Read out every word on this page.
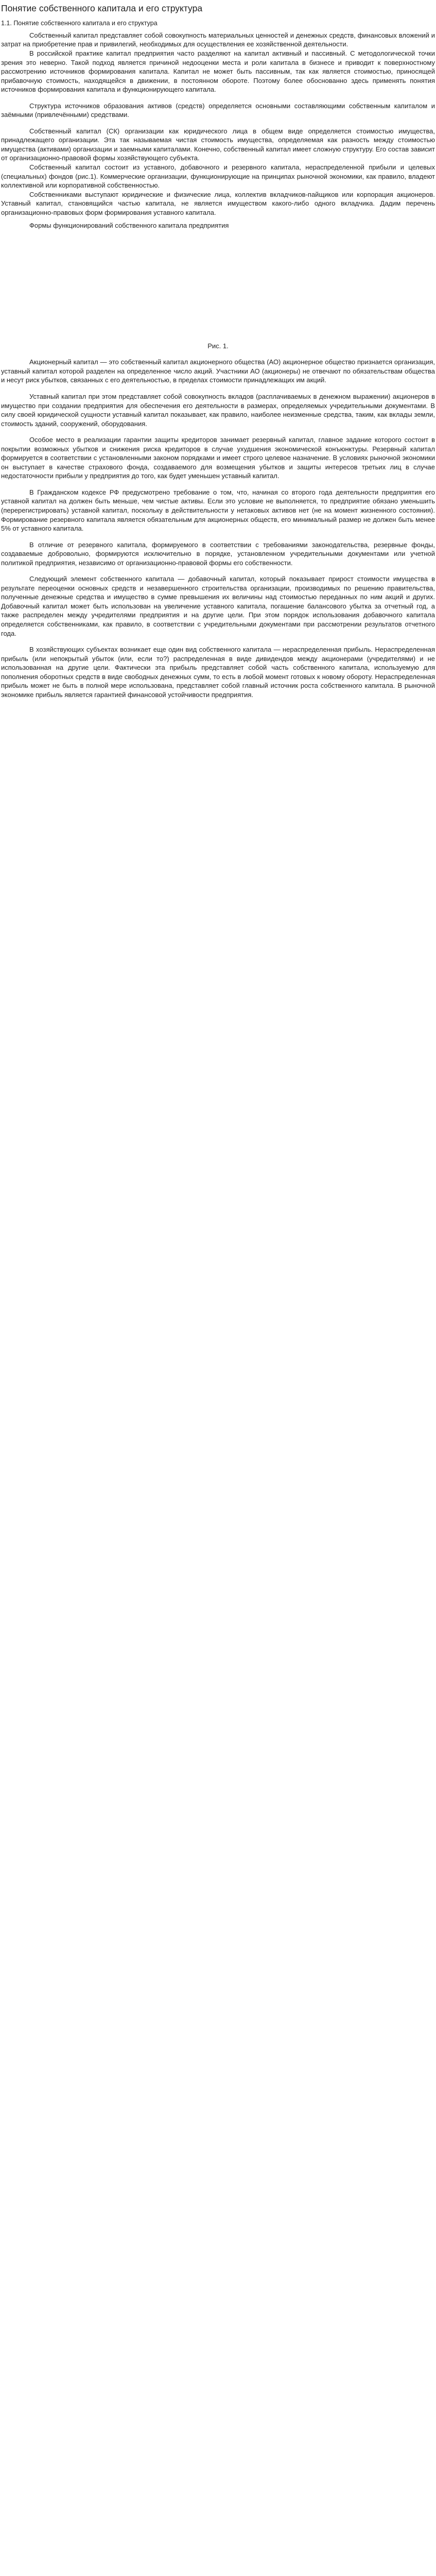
Понятие собственного капитала и его структура
1.1. Понятие собственного капитала и его структура

Собственный капитал представляет собой совокупность материальных ценностей и денежных средств, финансовых вложений и затрат на приобретение прав и привилегий, необходимых для осуществления ее хозяйственной деятельности.

В российской практике капитал предприятия часто разделяют на капитал активный и пассивный. С методологической точки зрения это неверно. Такой подход является причиной недооценки места и роли капитала в бизнесе и приводит к поверхностному рассмотрению источников формирования капитала. Капитал не может быть пассивным, так как является стоимостью, приносящей прибавочную стоимость, находящейся в движении, в постоянном обороте. Поэтому более обоснованно здесь применять понятия источников формирования капитала и функционирующего капитала.

Структура источников образования активов (средств) определяется основными составляющими собственным капиталом и заёмными (привлечёнными) средствами.

Собственный капитал (СК) организации как юридического лица в общем виде определяется стоимостью имущества, принадлежащего организации. Эта так называемая чистая стоимость имущества, определяемая как разность между стоимостью имущества (активами) организации и заемными капиталами. Конечно, собственный капитал имеет сложную структуру. Его состав зависит от организационно-правовой формы хозяйствующего субъекта.

Собственный капитал состоит из уставного, добавочного и резервного капитала, нераспределенной прибыли и целевых (специальных) фондов (рис.1). Коммерческие организации, функционирующие на принципах рыночной экономики, как правило, владеют коллективной или корпоративной собственностью.

Собственниками выступают юридические и физические лица, коллектив вкладчиков-пайщиков или корпорация акционеров. Уставный капитал, становящийся частью капитала, не является имуществом какого-либо одного вкладчика. Дадим перечень организационно-правовых форм формирования уставного капитала.

Формы функционирований собственного капитала предприятия

Рис. 1.

Акционерный капитал — это собственный капитал акционерного общества (АО) акционерное общество признается организация, уставный капитал которой разделен на определенное число акций. Участники АО (акционеры) не отвечают по обязательствам общества и несут риск убытков, связанных с его деятельностью, в пределах стоимости принадлежащих им акций.

Уставный капитал при этом представляет собой совокупность вкладов (расплачиваемых в денежном выражении) акционеров в имущество при создании предприятия для обеспечения его деятельности в размерах, определяемых учредительными документами. В силу своей юридической сущности уставный капитал показывает, как правило, наиболее неизменные средства, таким, как вклады земли, стоимость зданий, сооружений, оборудования.

Особое место в реализации гарантии защиты кредиторов занимает резервный капитал, главное задание которого состоит в покрытии возможных убытков и снижения риска кредиторов в случае ухудшения экономической конъюнктуры. Резервный капитал формируется в соответствии с установленными законом порядками и имеет строго целевое назначение. В условиях рыночной экономики он выступает в качестве страхового фонда, создаваемого для возмещения убытков и защиты интересов третьих лиц в случае недостаточности прибыли у предприятия до того, как будет уменьшен уставный капитал.

В Гражданском кодексе РФ предусмотрено требование о том, что, начиная со второго года деятельности предприятия его уставной капитал на должен быть меньше, чем чистые активы. Если это условие не выполняется, то предприятие обязано уменьшить (перерегистрировать) уставной капитал, поскольку в действительности у нетаковых активов нет (не на момент жизненного состояния). Формирование резервного капитала является обязательным для акционерных обществ, его минимальный размер не должен быть менее 5% от уставного капитала.

В отличие от резервного капитала, формируемого в соответствии с требованиями законодательства, резервные фонды, создаваемые добровольно, формируются исключительно в порядке, установленном учредительными документами или учетной политикой предприятия, независимо от организационно-правовой формы его собственности.

Следующий элемент собственного капитала — добавочный капитал, который показывает прирост стоимости имущества в результате переоценки основных средств и незавершенного строительства организации, производимых по решению правительства, полученные денежные средства и имущество в сумме превышения их величины над стоимостью переданных по ним акций и других. Добавочный капитал может быть использован на увеличение уставного капитала, погашение балансового убытка за отчетный год, а также распределен между учредителями предприятия и на другие цели. При этом порядок использования добавочного капитала определяется собственниками, как правило, в соответствии с учредительными документами при рассмотрении результатов отчетного года.

В хозяйствующих субъектах возникает еще один вид собственного капитала — нераспределенная прибыль. Нераспределенная прибыль (или непокрытый убыток (или, если то?) распределенная в виде дивидендов между акционерами (учредителями) и не использованная на другие цели. Фактически эта прибыль представляет собой часть собственного капитала, используемую для пополнения оборотных средств в виде свободных денежных сумм, то есть в любой момент готовых к новому обороту. Нераспределенная прибыль может не быть в полной мере использована, представляет собой главный источник роста собственного капитала. В рыночной экономике прибыль является гарантией финансовой устойчивости предприятия.
